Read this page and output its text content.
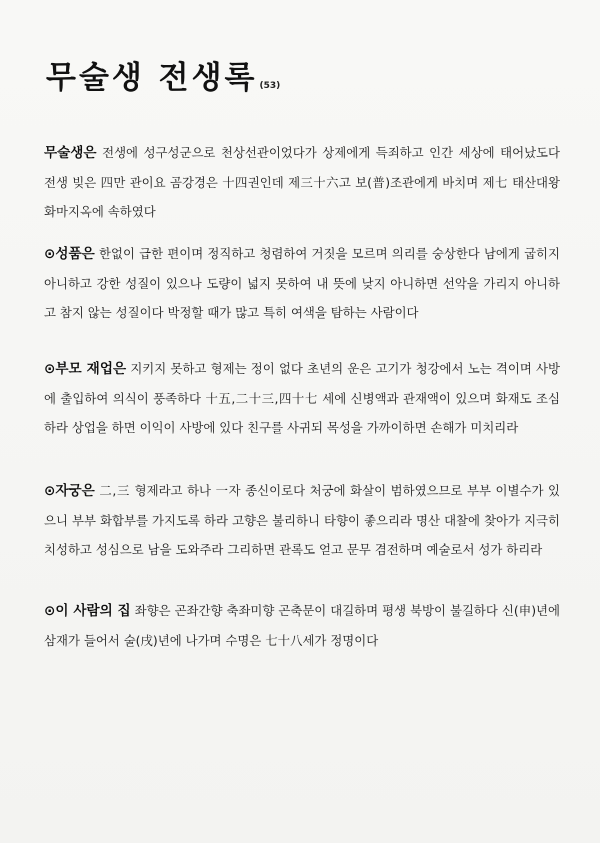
무술생 전생록 (53)

무술생은 전생에 성구성군으로 천상선관이었다가 상제에게 득죄하고 인간 세상에 태어났도다 전생 빚은 四만 관이요 곰강경은 十四권인데 제三十六고 보(普)조관에게 바치며 제七 태산대왕 화마지옥에 속하였다

⊙성품은 한없이 급한 편이며 정직하고 청렴하여 거짓을 모르며 의리를 숭상한다 남에게 굽히지 아니하고 강한 성질이 있으나 도량이 넓지 못하여 내 뜻에 낮지 아니하면 선악을 가리지 아니하고 참지 않는 성질이다 박정할 때가 많고 특히 여색을 탐하는 사람이다

⊙부모 재업은 지키지 못하고 형제는 정이 없다 초년의 운은 고기가 청강에서 노는 격이며 사방에 출입하여 의식이 풍족하다 十五,二十三,四十七 세에 신병액과 관재액이 있으며 화재도 조심하라 상업을 하면 이익이 사방에 있다 친구를 사귀되 목성을 가까이하면 손해가 미치리라

⊙자궁은 二,三 형제라고 하나 一자 종신이로다 처궁에 화살이 범하였으므로 부부 이별수가 있으니 부부 화합부를 가지도록 하라 고향은 불리하니 타향이 좋으리라 명산 대찰에 찾아가 지극히 치성하고 성심으로 남을 도와주라 그리하면 관록도 얻고 문무 겸전하며 예술로서 성가 하리라

⊙이 사람의 집 좌향은 곤좌간향 축좌미향 곤축문이 대길하며 평생 북방이 불길하다 신(申)년에 삼재가 들어서 술(戌)년에 나가며 수명은 七十八세가 정명이다
